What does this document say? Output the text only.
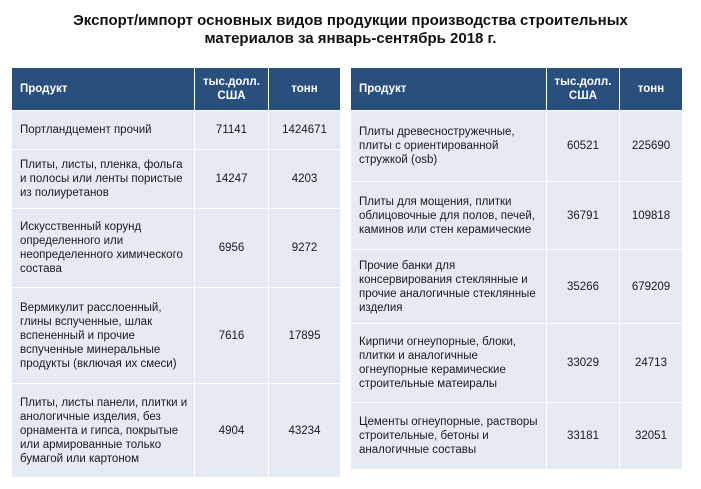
Экспорт/импорт основных видов продукции производства строительных
материалов за январь-сентябрь 2018 г.
Продукт	тыс.долл. США	тонн
Портландцемент прочий	71141	1424671
Плиты, листы, пленка, фольга и полосы или ленты пористые из полиуретанов	14247	4203
Искусственный корунд определенного или неопределенного химического состава	6956	9272
Вермикулит расслоенный, глины вспученные, шлак вспененный и прочие вспученные минеральные продукты (включая их смеси)	7616	17895
Плиты, листы панели, плитки и анологичные изделия, без орнамента и гипса, покрытые или армированные только бумагой или картоном	4904	43234
Продукт	тыс.долл. США	тонн
Плиты древесностружечные, плиты с ориентированной стружкой (osb)	60521	225690
Плиты для мощения, плитки облицовочные для полов, печей, каминов или стен керамические	36791	109818
Прочие банки для консервирования стеклянные и прочие аналогичные стеклянные изделия	35266	679209
Кирпичи огнеупорные, блоки, плитки и аналогичные огнеупорные керамические строительные матеиралы	33029	24713
Цементы огнеупорные, растворы строительные, бетоны и аналогичные составы	33181	32051
